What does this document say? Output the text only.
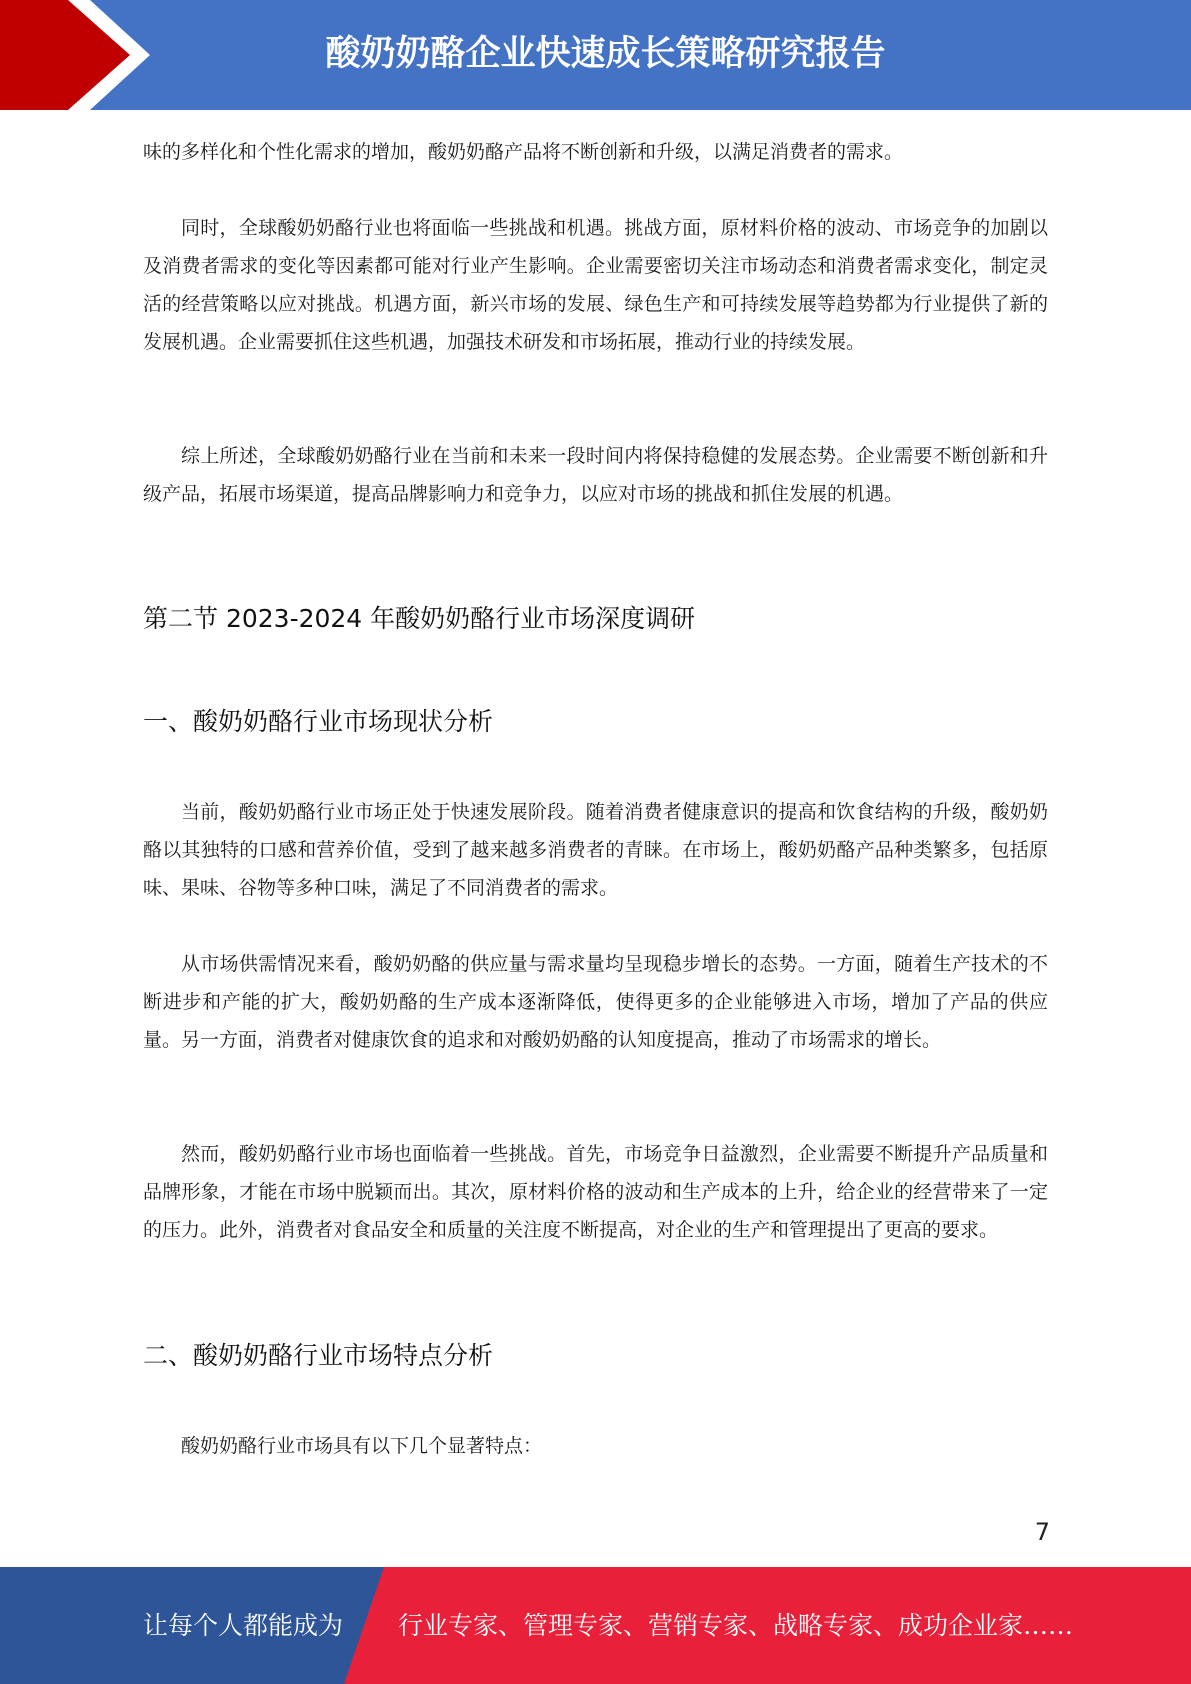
酸奶奶酪企业快速成长策略研究报告

味的多样化和个性化需求的增加，酸奶奶酪产品将不断创新和升级，以满足消费者的需求。

同时，全球酸奶奶酪行业也将面临一些挑战和机遇。挑战方面，原材料价格的波动、市场竞争的加剧以及消费者需求的变化等因素都可能对行业产生影响。企业需要密切关注市场动态和消费者需求变化，制定灵活的经营策略以应对挑战。机遇方面，新兴市场的发展、绿色生产和可持续发展等趋势都为行业提供了新的发展机遇。企业需要抓住这些机遇，加强技术研发和市场拓展，推动行业的持续发展。

综上所述，全球酸奶奶酪行业在当前和未来一段时间内将保持稳健的发展态势。企业需要不断创新和升级产品，拓展市场渠道，提高品牌影响力和竞争力，以应对市场的挑战和抓住发展的机遇。

第二节 2023-2024 年酸奶奶酪行业市场深度调研
一、酸奶奶酪行业市场现状分析

当前，酸奶奶酪行业市场正处于快速发展阶段。随着消费者健康意识的提高和饮食结构的升级，酸奶奶酪以其独特的口感和营养价值，受到了越来越多消费者的青睐。在市场上，酸奶奶酪产品种类繁多，包括原味、果味、谷物等多种口味，满足了不同消费者的需求。

从市场供需情况来看，酸奶奶酪的供应量与需求量均呈现稳步增长的态势。一方面，随着生产技术的不断进步和产能的扩大，酸奶奶酪的生产成本逐渐降低，使得更多的企业能够进入市场，增加了产品的供应量。另一方面，消费者对健康饮食的追求和对酸奶奶酪的认知度提高，推动了市场需求的增长。

然而，酸奶奶酪行业市场也面临着一些挑战。首先，市场竞争日益激烈，企业需要不断提升产品质量和品牌形象，才能在市场中脱颖而出。其次，原材料价格的波动和生产成本的上升，给企业的经营带来了一定的压力。此外，消费者对食品安全和质量的关注度不断提高，对企业的生产和管理提出了更高的要求。

二、酸奶奶酪行业市场特点分析

酸奶奶酪行业市场具有以下几个显著特点：

7
让每个人都能成为 行业专家、管理专家、营销专家、战略专家、成功企业家……
